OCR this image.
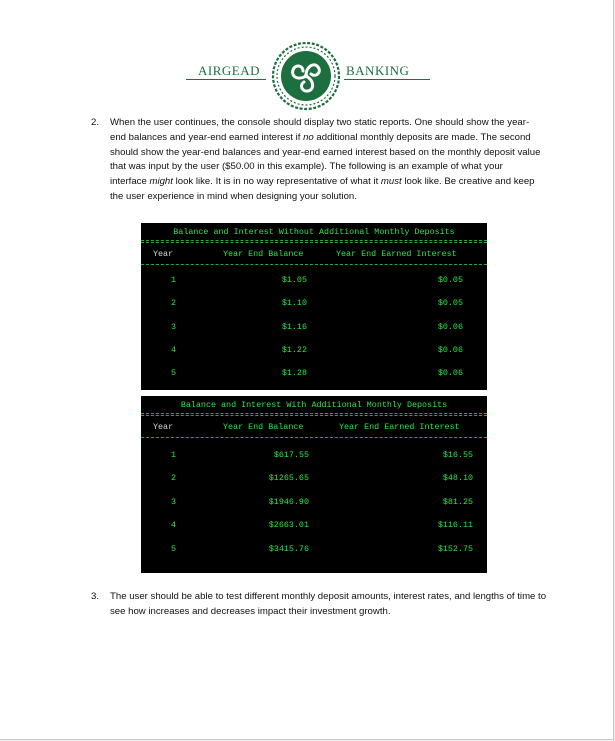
AIRGEAD	BANKING
2. When the user continues, the console should display two static reports. One should show the year-end balances and year-end earned interest if no additional monthly deposits are made. The second should show the year-end balances and year-end earned interest based on the monthly deposit value that was input by the user ($50.00 in this example). The following is an example of what your interface might look like. It is in no way representative of what it must look like. Be creative and keep the user experience in mind when designing your solution.
Balance and Interest Without Additional Monthly Deposits
Year	Year End Balance	Year End Earned Interest
1	$1.05	$0.05
2	$1.10	$0.05
3	$1.16	$0.06
4	$1.22	$0.06
5	$1.28	$0.06
Balance and Interest With Additional Monthly Deposits
Year	Year End Balance	Year End Earned Interest
1	$617.55	$16.55
2	$1265.65	$48.10
3	$1946.90	$81.25
4	$2663.01	$116.11
5	$3415.76	$152.75
3. The user should be able to test different monthly deposit amounts, interest rates, and lengths of time to see how increases and decreases impact their investment growth.
